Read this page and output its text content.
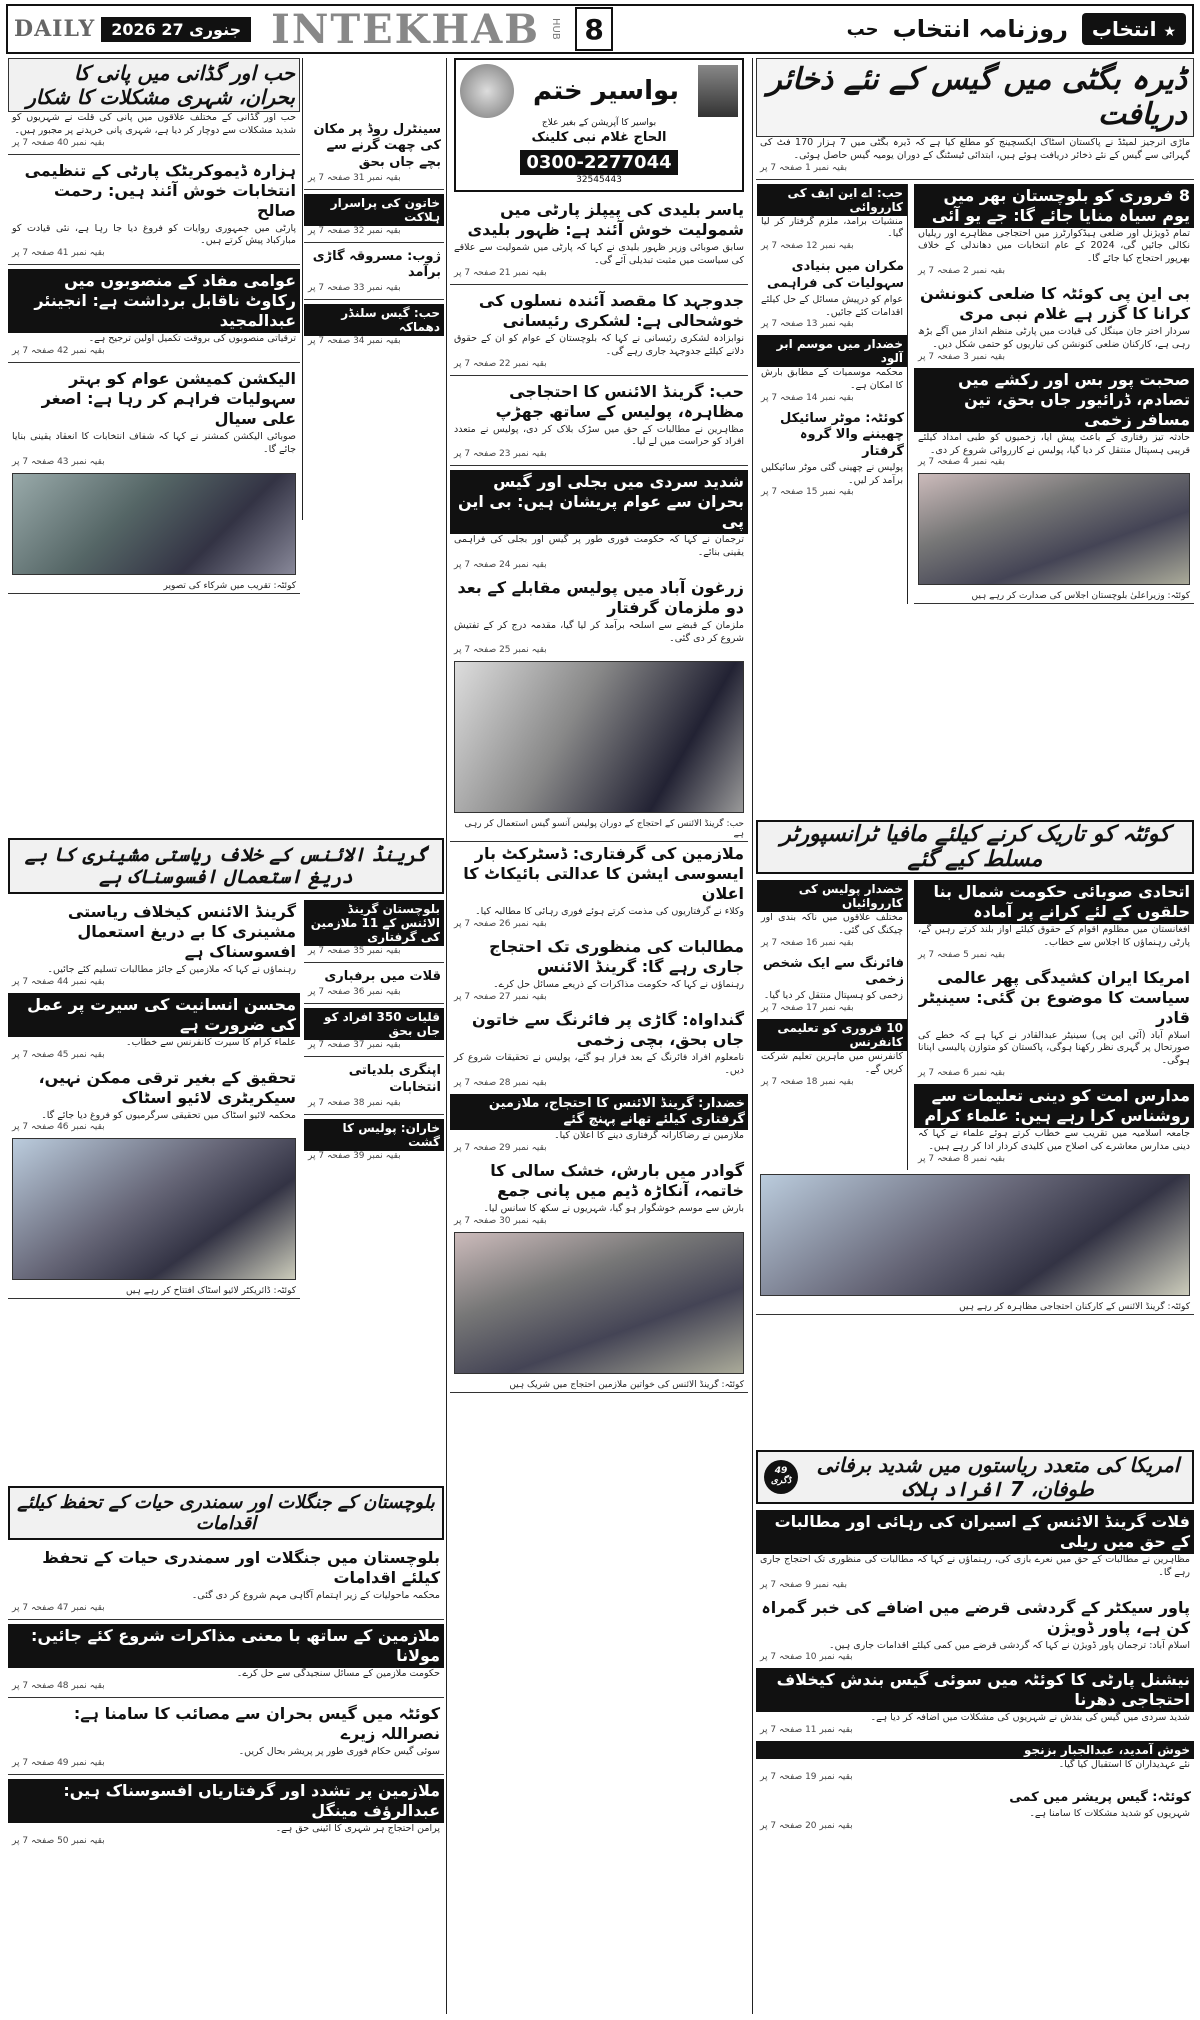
DAILY	2026 جنوری 27 INTEKHAB HUB 8	★ انتخاب
روزنامہ انتخاب
حب
ڈیرہ بگٹی میں گیس کے نئے ذخائر دریافت
ماڑی انرجیز لمیٹڈ نے پاکستان اسٹاک ایکسچینج کو مطلع کیا ہے کہ ڈیرہ بگٹی میں 7 ہزار 170 فٹ کی گہرائی سے گیس کے نئے ذخائر دریافت ہوئے ہیں، ابتدائی ٹیسٹنگ کے دوران یومیہ گیس حاصل ہوئی۔
بقیہ نمبر 1 صفحہ 7 پر
8 فروری کو بلوچستان بھر میں یوم سیاہ منایا جائے گا: جے یو آئی
تمام ڈویژنل اور ضلعی ہیڈکوارٹرز میں احتجاجی مظاہرے اور ریلیاں نکالی جائیں گی، 2024 کے عام انتخابات میں دھاندلی کے خلاف بھرپور احتجاج کیا جائے گا۔
بقیہ نمبر 2 صفحہ 7 پر
بی این پی کوئٹہ کا ضلعی کنونشن کرانا کا گزر ہے غلام نبی مری
سردار اختر جان مینگل کی قیادت میں پارٹی منظم انداز میں آگے بڑھ رہی ہے، کارکنان ضلعی کنونشن کی تیاریوں کو حتمی شکل دیں۔
بقیہ نمبر 3 صفحہ 7 پر
صحبت پور بس اور رکشے میں تصادم، ڈرائیور جاں بحق، تین مسافر زخمی
حادثہ تیز رفتاری کے باعث پیش آیا، زخمیوں کو طبی امداد کیلئے قریبی ہسپتال منتقل کر دیا گیا، پولیس نے کارروائی شروع کر دی۔
بقیہ نمبر 4 صفحہ 7 پر
کوئٹہ: وزیراعلیٰ بلوچستان اجلاس کی صدارت کر رہے ہیں
حب: اے این ایف کی کارروائی
منشیات برآمد، ملزم گرفتار کر لیا گیا۔
بقیہ نمبر 12 صفحہ 7 پر
مکران میں بنیادی سہولیات کی فراہمی
عوام کو درپیش مسائل کے حل کیلئے اقدامات کئے جائیں۔
بقیہ نمبر 13 صفحہ 7 پر
خضدار میں موسم ابر آلود
محکمہ موسمیات کے مطابق بارش کا امکان ہے۔
بقیہ نمبر 14 صفحہ 7 پر
کوئٹہ: موٹر سائیکل چھیننے والا گروہ گرفتار
پولیس نے چھینی گئی موٹر سائیکلیں برآمد کر لیں۔
بقیہ نمبر 15 صفحہ 7 پر
کوئٹہ کو تاریک کرنے کیلئے مافیا ٹرانسپورٹر مسلط کیے گئے
اتحادی صوبائی حکومت شمال بنا حلقوں کے لئے کرانے پر آمادہ
افغانستان میں مظلوم اقوام کے حقوق کیلئے آواز بلند کرتے رہیں گے، پارٹی رہنماؤں کا اجلاس سے خطاب۔
بقیہ نمبر 5 صفحہ 7 پر
امریکا ایران کشیدگی پھر عالمی سیاست کا موضوع بن گئی: سینیٹر قادر
اسلام آباد (آئی این پی) سینیٹر عبدالقادر نے کہا ہے کہ خطے کی صورتحال پر گہری نظر رکھنا ہوگی، پاکستان کو متوازن پالیسی اپنانا ہوگی۔
بقیہ نمبر 6 صفحہ 7 پر
مدارس امت کو دینی تعلیمات سے روشناس کرا رہے ہیں: علماء کرام
جامعہ اسلامیہ میں تقریب سے خطاب کرتے ہوئے علماء نے کہا کہ دینی مدارس معاشرے کی اصلاح میں کلیدی کردار ادا کر رہے ہیں۔
بقیہ نمبر 8 صفحہ 7 پر
خضدار پولیس کی کارروائیاں
مختلف علاقوں میں ناکہ بندی اور چیکنگ کی گئی۔
بقیہ نمبر 16 صفحہ 7 پر
فائرنگ سے ایک شخص زخمی
زخمی کو ہسپتال منتقل کر دیا گیا۔
بقیہ نمبر 17 صفحہ 7 پر
10 فروری کو تعلیمی کانفرنس
کانفرنس میں ماہرین تعلیم شرکت کریں گے۔
بقیہ نمبر 18 صفحہ 7 پر
کوئٹہ: گرینڈ الائنس کے کارکنان احتجاجی مظاہرہ کر رہے ہیں
امریکا کی متعدد ریاستوں میں شدید برفانی طوفان، 7 افراد ہلاک
49 ڈگری
فلات گرینڈ الائنس کے اسیران کی رہائی اور مطالبات کے حق میں ریلی
مظاہرین نے مطالبات کے حق میں نعرے بازی کی، رہنماؤں نے کہا کہ مطالبات کی منظوری تک احتجاج جاری رہے گا۔
بقیہ نمبر 9 صفحہ 7 پر
پاور سیکٹر کے گردشی قرضے میں اضافے کی خبر گمراہ کن ہے، پاور ڈویژن
اسلام آباد: ترجمان پاور ڈویژن نے کہا کہ گردشی قرضے میں کمی کیلئے اقدامات جاری ہیں۔
بقیہ نمبر 10 صفحہ 7 پر
نیشنل پارٹی کا کوئٹہ میں سوئی گیس بندش کیخلاف احتجاجی دھرنا
شدید سردی میں گیس کی بندش نے شہریوں کی مشکلات میں اضافہ کر دیا ہے۔
بقیہ نمبر 11 صفحہ 7 پر
خوش آمدید، عبدالجبار بزنجو
نئے عہدیداران کا استقبال کیا گیا۔
بقیہ نمبر 19 صفحہ 7 پر
کوئٹہ: گیس پریشر میں کمی
شہریوں کو شدید مشکلات کا سامنا ہے۔
بقیہ نمبر 20 صفحہ 7 پر
بواسیر ختم
بواسیر کا آپریشن کے بغیر علاج
الحاج غلام نبی کلینک
0300-2277044
32545443
یاسر بلیدی کی پیپلز پارٹی میں شمولیت خوش آئند ہے: ظہور بلیدی
سابق صوبائی وزیر ظہور بلیدی نے کہا کہ پارٹی میں شمولیت سے علاقے کی سیاست میں مثبت تبدیلی آئے گی۔
بقیہ نمبر 21 صفحہ 7 پر
جدوجہد کا مقصد آئندہ نسلوں کی خوشحالی ہے: لشکری رئیسانی
نوابزادہ لشکری رئیسانی نے کہا کہ بلوچستان کے عوام کو ان کے حقوق دلانے کیلئے جدوجہد جاری رہے گی۔
بقیہ نمبر 22 صفحہ 7 پر
حب: گرینڈ الائنس کا احتجاجی مظاہرہ، پولیس کے ساتھ جھڑپ
مظاہرین نے مطالبات کے حق میں سڑک بلاک کر دی، پولیس نے متعدد افراد کو حراست میں لے لیا۔
بقیہ نمبر 23 صفحہ 7 پر
شدید سردی میں بجلی اور گیس بحران سے عوام پریشان ہیں: بی این پی
ترجمان نے کہا کہ حکومت فوری طور پر گیس اور بجلی کی فراہمی یقینی بنائے۔
بقیہ نمبر 24 صفحہ 7 پر
زرغون آباد میں پولیس مقابلے کے بعد دو ملزمان گرفتار
ملزمان کے قبضے سے اسلحہ برآمد کر لیا گیا، مقدمہ درج کر کے تفتیش شروع کر دی گئی۔
بقیہ نمبر 25 صفحہ 7 پر
حب: گرینڈ الائنس کے احتجاج کے دوران پولیس آنسو گیس استعمال کر رہی ہے
ملازمین کی گرفتاری: ڈسٹرکٹ بار ایسوسی ایشن کا عدالتی بائیکاٹ کا اعلان
وکلاء نے گرفتاریوں کی مذمت کرتے ہوئے فوری رہائی کا مطالبہ کیا۔
بقیہ نمبر 26 صفحہ 7 پر
مطالبات کی منظوری تک احتجاج جاری رہے گا: گرینڈ الائنس
رہنماؤں نے کہا کہ حکومت مذاکرات کے ذریعے مسائل حل کرے۔
بقیہ نمبر 27 صفحہ 7 پر
گنداواہ: گاڑی پر فائرنگ سے خاتون جاں بحق، بچی زخمی
نامعلوم افراد فائرنگ کے بعد فرار ہو گئے، پولیس نے تحقیقات شروع کر دیں۔
بقیہ نمبر 28 صفحہ 7 پر
خضدار: گرینڈ الائنس کا احتجاج، ملازمین گرفتاری کیلئے تھانے پہنچ گئے
ملازمین نے رضاکارانہ گرفتاری دینے کا اعلان کیا۔
بقیہ نمبر 29 صفحہ 7 پر
گوادر میں بارش، خشک سالی کا خاتمہ، آنکاڑہ ڈیم میں پانی جمع
بارش سے موسم خوشگوار ہو گیا، شہریوں نے سکھ کا سانس لیا۔
بقیہ نمبر 30 صفحہ 7 پر
کوئٹہ: گرینڈ الائنس کی خواتین ملازمین احتجاج میں شریک ہیں
سینٹرل روڈ پر مکان کی چھت گرنے سے بچے جاں بحق
بقیہ نمبر 31 صفحہ 7 پر
خاتون کی پراسرار ہلاکت
بقیہ نمبر 32 صفحہ 7 پر
ژوب: مسروقہ گاڑی برآمد
بقیہ نمبر 33 صفحہ 7 پر
حب: گیس سلنڈر دھماکہ
بقیہ نمبر 34 صفحہ 7 پر
حب اور گڈانی میں پانی کا بحران، شہری مشکلات کا شکار
حب اور گڈانی کے مختلف علاقوں میں پانی کی قلت نے شہریوں کو شدید مشکلات سے دوچار کر دیا ہے، شہری پانی خریدنے پر مجبور ہیں۔
بقیہ نمبر 40 صفحہ 7 پر
ہزارہ ڈیموکریٹک پارٹی کے تنظیمی انتخابات خوش آئند ہیں: رحمت صالح
پارٹی میں جمہوری روایات کو فروغ دیا جا رہا ہے، نئی قیادت کو مبارکباد پیش کرتے ہیں۔
بقیہ نمبر 41 صفحہ 7 پر
عوامی مفاد کے منصوبوں میں رکاوٹ ناقابل برداشت ہے: انجینئر عبدالمجید
ترقیاتی منصوبوں کی بروقت تکمیل اولین ترجیح ہے۔
بقیہ نمبر 42 صفحہ 7 پر
الیکشن کمیشن عوام کو بہتر سہولیات فراہم کر رہا ہے: اصغر علی سیال
صوبائی الیکشن کمشنر نے کہا کہ شفاف انتخابات کا انعقاد یقینی بنایا جائے گا۔
بقیہ نمبر 43 صفحہ 7 پر
کوئٹہ: تقریب میں شرکاء کی تصویر
گرینڈ الائنس کے خلاف ریاستی مشینری کا بے دریغ استعمال افسوسناک ہے
گرینڈ الائنس کیخلاف ریاستی مشینری کا بے دریغ استعمال افسوسناک ہے
رہنماؤں نے کہا کہ ملازمین کے جائز مطالبات تسلیم کئے جائیں۔
بقیہ نمبر 44 صفحہ 7 پر
محسن انسانیت کی سیرت پر عمل کی ضرورت ہے
علماء کرام کا سیرت کانفرنس سے خطاب۔
بقیہ نمبر 45 صفحہ 7 پر
تحقیق کے بغیر ترقی ممکن نہیں، سیکریٹری لائیو اسٹاک
محکمہ لائیو اسٹاک میں تحقیقی سرگرمیوں کو فروغ دیا جائے گا۔
بقیہ نمبر 46 صفحہ 7 پر
کوئٹہ: ڈائریکٹر لائیو اسٹاک افتتاح کر رہے ہیں
بلوچستان گرینڈ الائنس کے 11 ملازمین کی گرفتاری
بقیہ نمبر 35 صفحہ 7 پر
قلات میں برفباری
بقیہ نمبر 36 صفحہ 7 پر
قلیات 350 افراد کو جاں بحق
بقیہ نمبر 37 صفحہ 7 پر
اپنگری بلدیاتی انتخابات
بقیہ نمبر 38 صفحہ 7 پر
خاران: پولیس کا گشت
بقیہ نمبر 39 صفحہ 7 پر
بلوچستان کے جنگلات اور سمندری حیات کے تحفظ کیلئے اقدامات
بلوچستان میں جنگلات اور سمندری حیات کے تحفظ کیلئے اقدامات
محکمہ ماحولیات کے زیر اہتمام آگاہی مہم شروع کر دی گئی۔
بقیہ نمبر 47 صفحہ 7 پر
ملازمین کے ساتھ با معنی مذاکرات شروع کئے جائیں: مولانا
حکومت ملازمین کے مسائل سنجیدگی سے حل کرے۔
بقیہ نمبر 48 صفحہ 7 پر
کوئٹہ میں گیس بحران سے مصائب کا سامنا ہے: نصراللہ زیرے
سوئی گیس حکام فوری طور پر پریشر بحال کریں۔
بقیہ نمبر 49 صفحہ 7 پر
ملازمین پر تشدد اور گرفتاریاں افسوسناک ہیں: عبدالرؤف مینگل
پرامن احتجاج ہر شہری کا آئینی حق ہے۔
بقیہ نمبر 50 صفحہ 7 پر
